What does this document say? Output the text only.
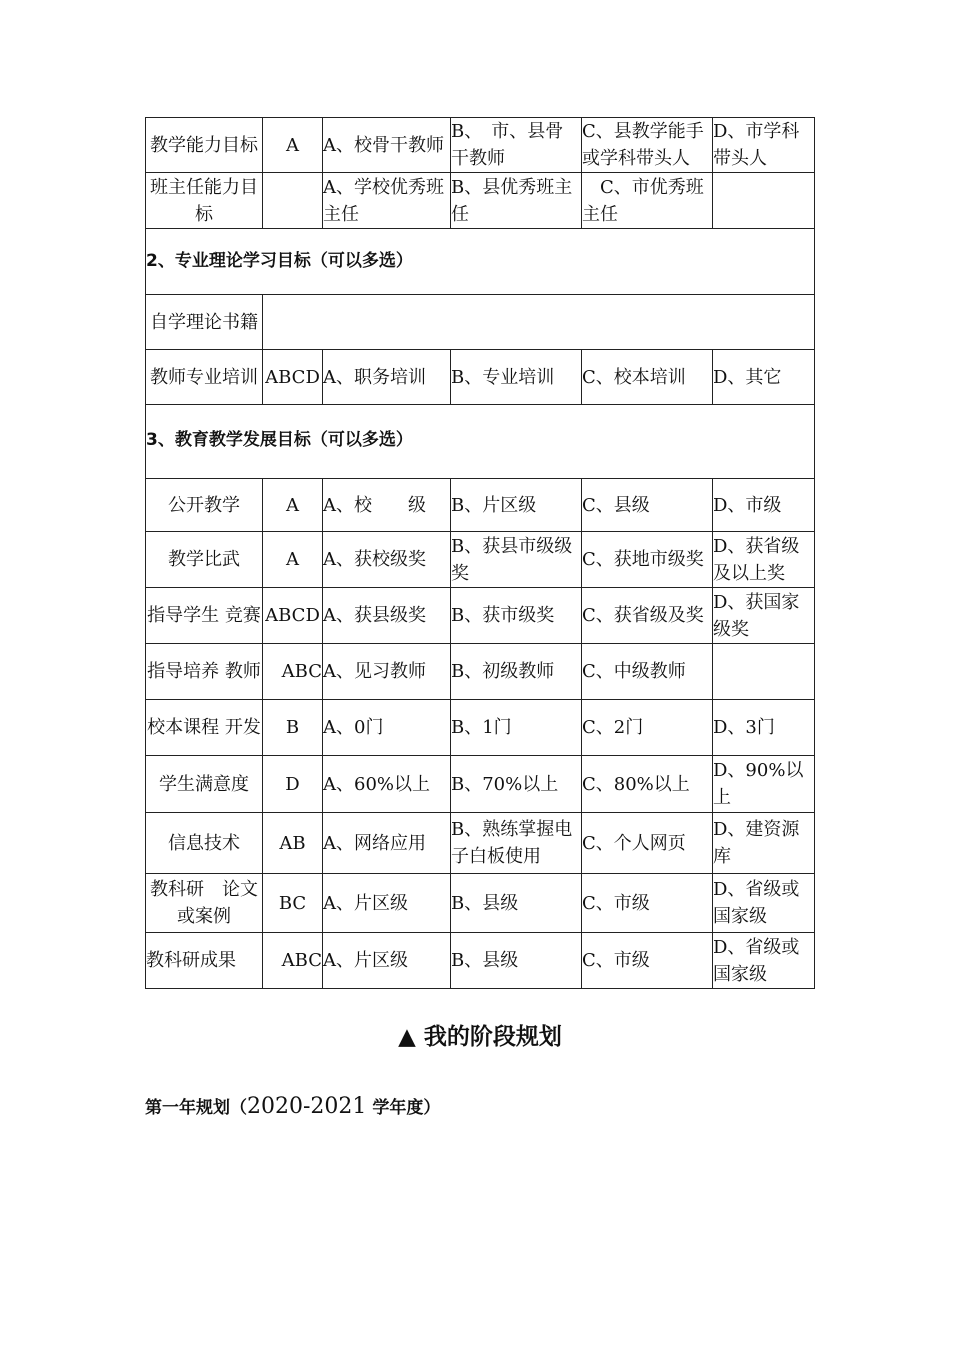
教学能力目标	A	A、校骨干教师	B、　市、县骨干教师	C、县教学能手或学科带头人	D、市学科带头人
班主任能力目标		A、学校优秀班主任	B、县优秀班主任	　C、市优秀班主任	
2、专业理论学习目标（可以多选）					
自学理论书籍					
教师专业培训	ABCD	A、职务培训	B、专业培训	C、校本培训	D、其它
3、教育教学发展目标（可以多选）					
公开教学	A	A、校　　级	B、片区级	C、县级	D、市级
教学比武	A	A、获校级奖	B、获县市级级奖	C、获地市级奖	D、获省级及以上奖
指导学生 竞赛	ABCD	A、获县级奖	B、获市级奖	C、获省级及奖	D、获国家级奖
指导培养 教师	ABC	A、见习教师	B、初级教师	C、中级教师	
校本课程 开发	B	A、0门	B、1门	C、2门	D、3门
学生满意度	D	A、60%以上	B、70%以上	C、80%以上	D、90%以上
信息技术	AB	A、网络应用	B、熟练掌握电子白板使用	C、个人网页	D、建资源库
教科研　论文或案例	BC	A、片区级	B、县级	C、市级	D、省级或国家级
教科研成果	ABC	A、片区级	B、县级	C、市级	D、省级或国家级
▲ 我的阶段规划
第一年规划（2020-2021 学年度）
